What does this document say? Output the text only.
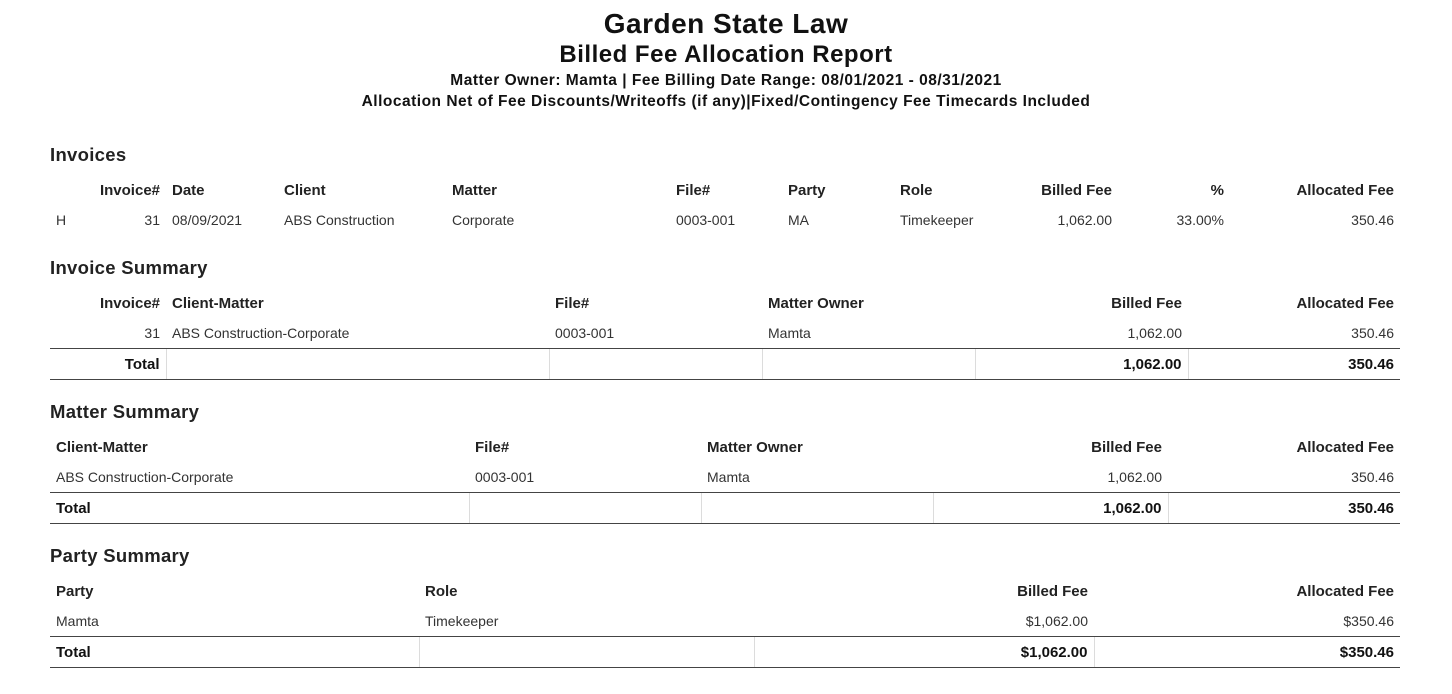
Garden State Law
Billed Fee Allocation Report
Matter Owner: Mamta | Fee Billing Date Range: 08/01/2021 - 08/31/2021
Allocation Net of Fee Discounts/Writeoffs (if any)|Fixed/Contingency Fee Timecards Included
Invoices
	Invoice#	Date	Client	Matter	File#	Party	Role	Billed Fee	%	Allocated Fee
H	31	08/09/2021	ABS Construction	Corporate	0003-001	MA	Timekeeper	1,062.00	33.00%	350.46
Invoice Summary
Invoice#	Client-Matter	File#	Matter Owner	Billed Fee	Allocated Fee
31	ABS Construction-Corporate	0003-001	Mamta	1,062.00	350.46
Total				1,062.00	350.46
Matter Summary
Client-Matter	File#	Matter Owner	Billed Fee	Allocated Fee
ABS Construction-Corporate	0003-001	Mamta	1,062.00	350.46
Total			1,062.00	350.46
Party Summary
Party	Role	Billed Fee	Allocated Fee
Mamta	Timekeeper	$1,062.00	$350.46
Total		$1,062.00	$350.46
